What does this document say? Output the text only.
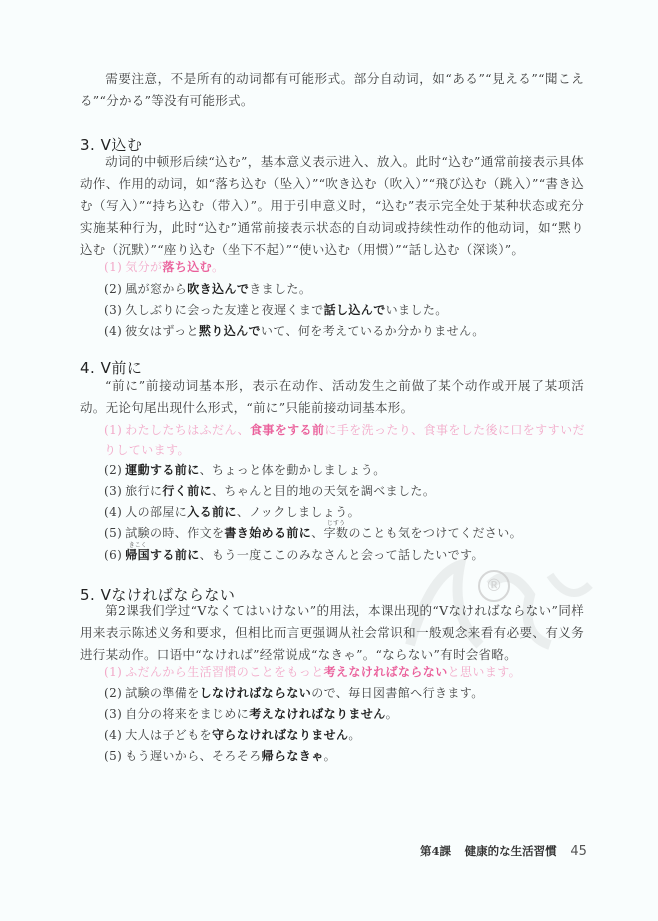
®
需要注意，不是所有的动词都有可能形式。部分自动词，如“ある”“見える”“聞こえる”“分かる”等没有可能形式。
3. V込む
动词的中顿形后续“込む”，基本意义表示进入、放入。此时“込む”通常前接表示具体动作、作用的动词，如“落ち込む（坠入）”“吹き込む（吹入）”“飛び込む（跳入）”“書き込む（写入）”“持ち込む（带入）”。用于引申意义时，“込む”表示完全处于某种状态或充分实施某种行为，此时“込む”通常前接表示状态的自动词或持续性动作的他动词，如“黙り込む（沉默）”“座り込む（坐下不起）”“使い込む（用惯）”“話し込む（深谈）”。
(1) 気分が落ち込む。
(2) 風が窓から吹き込んできました。
(3) 久しぶりに会った友達と夜遅くまで話し込んでいました。
(4) 彼女はずっと黙り込んでいて、何を考えているか分かりません。
4. V前に
“前に”前接动词基本形，表示在动作、活动发生之前做了某个动作或开展了某项活动。无论句尾出现什么形式，“前に”只能前接动词基本形。
(1) わたしたちはふだん、食事をする前に手を洗ったり、食事をした後に口をすすいだりしています。
(2) 運動する前に、ちょっと体を動かしましょう。
(3) 旅行に行く前に、ちゃんと目的地の天気を調べました。
(4) 人の部屋に入る前に、ノックしましょう。
(5) 試験の時、作文を書き始める前に、
じすう
字数のことも気をつけてください。
(6)
きこく
帰国する前に、もう一度ここのみなさんと会って話したいです。
5. Vなければならない
第2课我们学过“Vなくてはいけない”的用法，本课出现的“Vなければならない”同样用来表示陈述义务和要求，但相比而言更强调从社会常识和一般观念来看有必要、有义务进行某动作。口语中“なければ”经常说成“なきゃ”。“ならない”有时会省略。
(1) ふだんから生活習慣のことをもっと考えなければならないと思います。
(2) 試験の準備をしなければならないので、毎日図書館へ行きます。
(3) 自分の将来をまじめに考えなければなりません。
(4) 大人は子どもを守らなければなりません。
(5) もう遅いから、そろそろ帰らなきゃ。
第4課 健康的な生活習慣 45
